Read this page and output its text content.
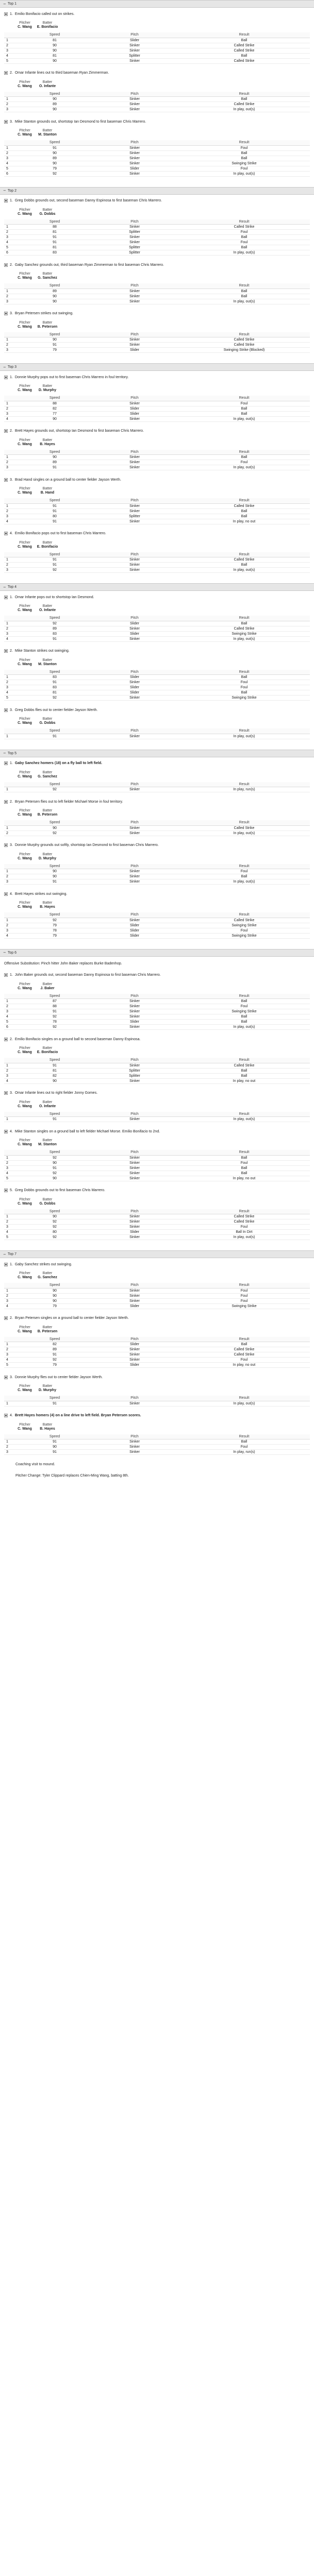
− Top 1
1. Emilio Bonifacio called out on strikes.
Pitcher
C. Wang
Batter
E. Bonifacio
	Speed	Pitch	Result
1	81	Slider	Ball
2	90	Sinker	Called Strike
3	90	Sinker	Called Strike
4	81	Splitter	Ball
5	90	Sinker	Called Strike
2. Omar Infante lines out to third baseman Ryan Zimmerman.
Pitcher
C. Wang
Batter
O. Infante
	Speed	Pitch	Result
1	90	Sinker	Ball
2	89	Sinker	Called Strike
3	90	Sinker	In play, out(s)
3. Mike Stanton grounds out, shortstop Ian Desmond to first baseman Chris Marrero.
Pitcher
C. Wang
Batter
M. Stanton
	Speed	Pitch	Result
1	91	Sinker	Foul
2	90	Sinker	Ball
3	89	Sinker	Ball
4	90	Sinker	Swinging Strike
5	79	Slider	Foul
6	92	Sinker	In play, out(s)
− Top 2
1. Greg Dobbs grounds out, second baseman Danny Espinosa to first baseman Chris Marrero.
Pitcher
C. Wang
Batter
G. Dobbs
	Speed	Pitch	Result
1	88	Sinker	Called Strike
2	81	Splitter	Foul
3	91	Sinker	Ball
4	91	Sinker	Foul
5	81	Splitter	Ball
6	83	Splitter	In play, out(s)
2. Gaby Sanchez grounds out, third baseman Ryan Zimmerman to first baseman Chris Marrero.
Pitcher
C. Wang
Batter
G. Sanchez
	Speed	Pitch	Result
1	89	Sinker	Ball
2	90	Sinker	Ball
3	90	Sinker	In play, out(s)
3. Bryan Petersen strikes out swinging.
Pitcher
C. Wang
Batter
B. Petersen
	Speed	Pitch	Result
1	90	Sinker	Called Strike
2	91	Sinker	Called Strike
3	79	Slider	Swinging Strike (Blocked)
− Top 3
1. Donnie Murphy pops out to first baseman Chris Marrero in foul territory.
Pitcher
C. Wang
Batter
D. Murphy
	Speed	Pitch	Result
1	88	Sinker	Foul
2	82	Slider	Ball
3	77	Slider	Ball
4	90	Sinker	In play, out(s)
2. Brett Hayes grounds out, shortstop Ian Desmond to first baseman Chris Marrero.
Pitcher
C. Wang
Batter
B. Hayes
	Speed	Pitch	Result
1	90	Sinker	Ball
2	89	Sinker	Foul
3	91	Sinker	In play, out(s)
3. Brad Hand singles on a ground ball to center fielder Jayson Werth.
Pitcher
C. Wang
Batter
B. Hand
	Speed	Pitch	Result
1	91	Sinker	Called Strike
2	91	Sinker	Ball
3	80	Splitter	Ball
4	91	Sinker	In play, no out
4. Emilio Bonifacio pops out to first baseman Chris Marrero.
Pitcher
C. Wang
Batter
E. Bonifacio
	Speed	Pitch	Result
1	91	Sinker	Called Strike
2	91	Sinker	Ball
3	92	Sinker	In play, out(s)
− Top 4
1. Omar Infante pops out to shortstop Ian Desmond.
Pitcher
C. Wang
Batter
O. Infante
	Speed	Pitch	Result
1	92	Slider	Ball
2	89	Sinker	Called Strike
3	83	Slider	Swinging Strike
4	91	Sinker	In play, out(s)
2. Mike Stanton strikes out swinging.
Pitcher
C. Wang
Batter
M. Stanton
	Speed	Pitch	Result
1	83	Slider	Ball
2	91	Sinker	Foul
3	83	Slider	Foul
4	81	Slider	Ball
5	92	Sinker	Swinging Strike
3. Greg Dobbs flies out to center fielder Jayson Werth.
Pitcher
C. Wang
Batter
G. Dobbs
	Speed	Pitch	Result
1	91	Sinker	In play, out(s)
− Top 5
1. Gaby Sanchez homers (18) on a fly ball to left field.
Pitcher
C. Wang
Batter
G. Sanchez
	Speed	Pitch	Result
1	92	Sinker	In play, run(s)
2. Bryan Petersen flies out to left fielder Michael Morse in foul territory.
Pitcher
C. Wang
Batter
B. Petersen
	Speed	Pitch	Result
1	90	Sinker	Called Strike
2	92	Sinker	In play, out(s)
3. Donnie Murphy grounds out softly, shortstop Ian Desmond to first baseman Chris Marrero.
Pitcher
C. Wang
Batter
D. Murphy
	Speed	Pitch	Result
1	90	Sinker	Foul
2	90	Sinker	Ball
3	91	Sinker	In play, out(s)
4. Brett Hayes strikes out swinging.
Pitcher
C. Wang
Batter
B. Hayes
	Speed	Pitch	Result
1	92	Sinker	Called Strike
2	79	Slider	Swinging Strike
3	78	Slider	Foul
4	79	Slider	Swinging Strike
− Top 6
Offensive Substitution: Pinch hitter John Baker replaces Burke Badenhop.
1. John Baker grounds out, second baseman Danny Espinosa to first baseman Chris Marrero.
Pitcher
C. Wang
Batter
J. Baker
	Speed	Pitch	Result
1	87	Sinker	Ball
2	88	Sinker	Foul
3	91	Sinker	Swinging Strike
4	92	Sinker	Ball
5	78	Slider	Ball
6	92	Sinker	In play, out(s)
2. Emilio Bonifacio singles on a ground ball to second baseman Danny Espinosa.
Pitcher
C. Wang
Batter
E. Bonifacio
	Speed	Pitch	Result
1	91	Sinker	Called Strike
2	81	Splitter	Ball
3	82	Splitter	Ball
4	90	Sinker	In play, no out
3. Omar Infante lines out to right fielder Jonny Gomes.
Pitcher
C. Wang
Batter
O. Infante
	Speed	Pitch	Result
1	91	Sinker	In play, out(s)
4. Mike Stanton singles on a ground ball to left fielder Michael Morse. Emilio Bonifacio to 2nd.
Pitcher
C. Wang
Batter
M. Stanton
	Speed	Pitch	Result
1	92	Sinker	Ball
2	90	Sinker	Foul
3	91	Sinker	Ball
4	92	Sinker	Ball
5	90	Sinker	In play, no out
5. Greg Dobbs grounds out to first baseman Chris Marrero.
Pitcher
C. Wang
Batter
G. Dobbs
	Speed	Pitch	Result
1	90	Sinker	Called Strike
2	92	Sinker	Called Strike
3	92	Sinker	Foul
4	80	Slider	Ball In Dirt
5	92	Sinker	In play, out(s)
− Top 7
1. Gaby Sanchez strikes out swinging.
Pitcher
C. Wang
Batter
G. Sanchez
	Speed	Pitch	Result
1	90	Sinker	Foul
2	90	Sinker	Foul
3	90	Sinker	Foul
4	79	Slider	Swinging Strike
2. Bryan Petersen singles on a ground ball to center fielder Jayson Werth.
Pitcher
C. Wang
Batter
B. Petersen
	Speed	Pitch	Result
1	82	Slider	Ball
2	89	Sinker	Called Strike
3	91	Sinker	Called Strike
4	92	Sinker	Foul
5	79	Slider	In play, no out
3. Donnie Murphy flies out to center fielder Jayson Werth.
Pitcher
C. Wang
Batter
D. Murphy
	Speed	Pitch	Result
1	91	Sinker	In play, out(s)
4. Brett Hayes homers (4) on a line drive to left field. Bryan Petersen scores.
Pitcher
C. Wang
Batter
B. Hayes
	Speed	Pitch	Result
1	91	Sinker	Ball
2	90	Sinker	Foul
3	91	Sinker	In play, run(s)
Coaching visit to mound.
Pitcher Change: Tyler Clippard replaces Chien-Ming Wang, batting 8th.
